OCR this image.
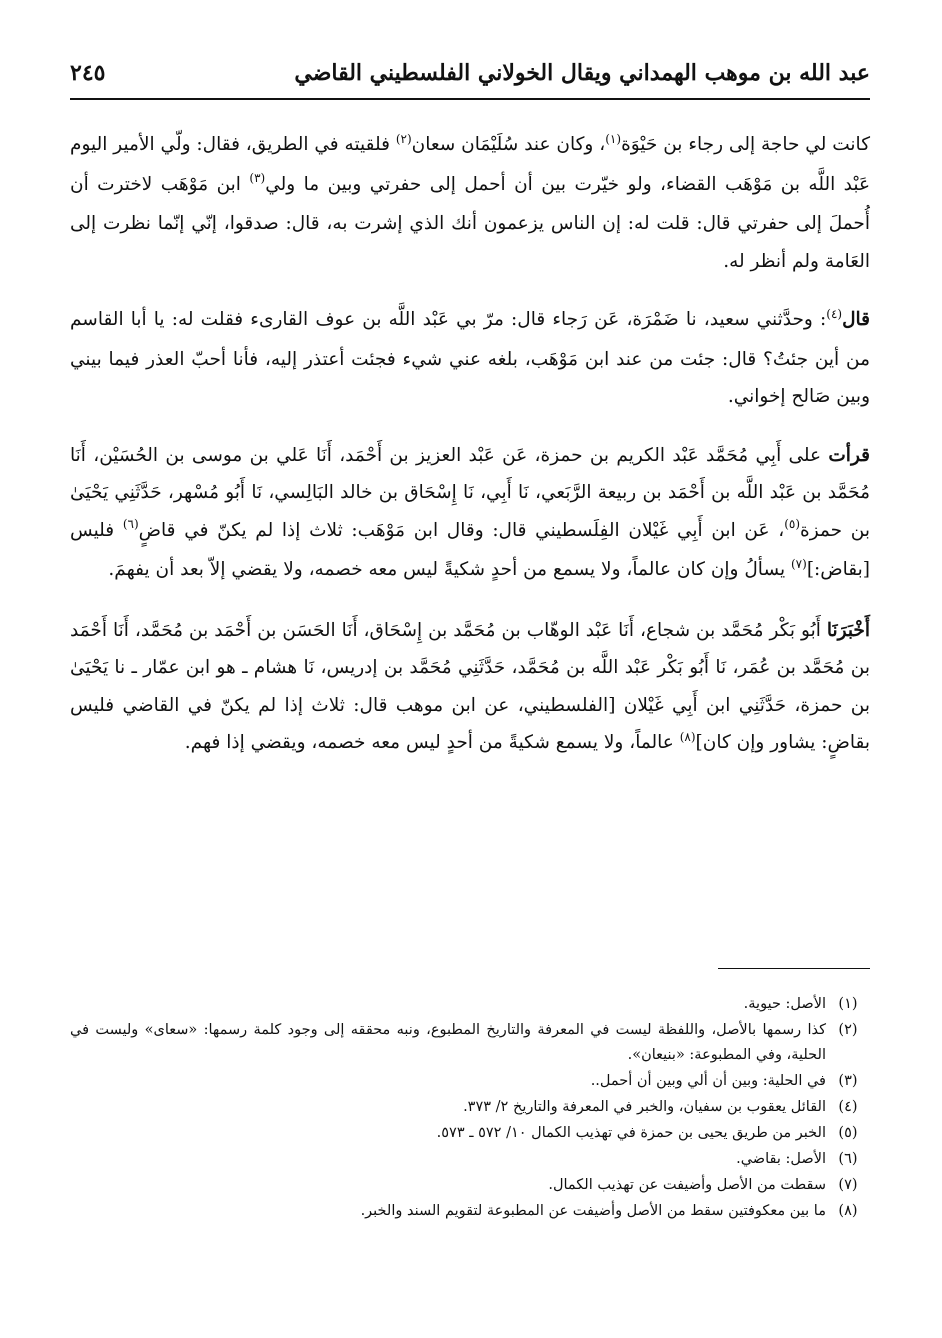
عبد الله بن موهب الهمداني ويقال الخولاني الفلسطيني القاضي
٢٤٥

كانت لي حاجة إلى رجاء بن حَيْوَة$^{(١)}$، وكان عند سُلَيْمَان سعان$^{(٢)}$ فلقيته في الطريق، فقال: ولّي الأمير اليوم عَبْد اللَّه بن مَوْهَب القضاء، ولو خيّرت بين أن أحمل إلى حفرتي وبين ما ولي$^{(٣)}$ ابن مَوْهَب لاخترت أن أُحملَ إلى حفرتي قال: قلت له: إن الناس يزعمون أنك الذي إشرت به، قال: صدقوا، إنّي إنّما نظرت إلى العَامة ولم أنظر له.

قال$^{(٤)}$: وحدَّثني سعيد، نا ضَمْرَة، عَن رَجاء قال: مرّ بي عَبْد اللَّه بن عوف القارىء فقلت له: يا أبا القاسم من أين جئتُ؟ قال: جئت من عند ابن مَوْهَب، بلغه عني شيء فجئت أعتذر إليه، فأنا أحبّ العذر فيما بيني وبين صَالح إخواني.

قرأت على أَبِي مُحَمَّد عَبْد الكريم بن حمزة، عَن عَبْد العزيز بن أَحْمَد، أَنَا عَلي بن موسى بن الحُسَيْن، أَنَا مُحَمَّد بن عَبْد اللَّه بن أَحْمَد بن ربيعة الرَّبَعي، نَا أَبِي، نَا إِسْحَاق بن خالد البَالِسي، نَا أَبُو مُسْهر، حَدَّثَنِي يَحْيَىٰ بن حمزة$^{(٥)}$، عَن ابن أَبِي غَيْلان الفِلَسطيني قال: وقال ابن مَوْهَب: ثلاث إذا لم يكنّ في قاضٍ$^{(٦)}$ فليس [بقاض:]$^{(٧)}$ يسألُ وإن كان عالماً، ولا يسمع من أحدٍ شكيةً ليس معه خصمه، ولا يقضي إلاّ بعد أن يفهمَ.

أَخْبَرَنَا أَبُو بَكْر مُحَمَّد بن شجاع، أَنَا عَبْد الوهّاب بن مُحَمَّد بن إِسْحَاق، أَنَا الحَسَن بن أَحْمَد بن مُحَمَّد، أَنَا أَحْمَد بن مُحَمَّد بن عُمَر، نَا أَبُو بَكْر عَبْد اللَّه بن مُحَمَّد، حَدَّثَنِي مُحَمَّد بن إدريس، نَا هشام ـ هو ابن عمّار ـ نا يَحْيَىٰ بن حمزة، حَدَّثَنِي ابن أَبِي غَيْلان [الفلسطيني، عن ابن موهب قال: ثلاث إذا لم يكنّ في القاضي فليس بقاضٍ: يشاور وإن كان]$^{(٨)}$ عالماً، ولا يسمع شكيةً من أحدٍ ليس معه خصمه، ويقضي إذا فهم.

(١)
الأصل: حيوية.
(٢)
كذا رسمها بالأصل، واللفظة ليست في المعرفة والتاريخ المطبوع، ونبه محققه إلى وجود كلمة رسمها: «سعاى» وليست في الحلية، وفي المطبوعة: «بنيعان».
(٣)
في الحلية: وبين أن ألي وبين أن أحمل..
(٤)
القائل يعقوب بن سفيان، والخبر في المعرفة والتاريخ ٢/ ٣٧٣.
(٥)
الخبر من طريق يحيى بن حمزة في تهذيب الكمال ١٠/ ٥٧٢ ـ ٥٧٣.
(٦)
الأصل: بقاضي.
(٧)
سقطت من الأصل وأضيفت عن تهذيب الكمال.
(٨)
ما بين معكوفتين سقط من الأصل وأضيفت عن المطبوعة لتقويم السند والخبر.
